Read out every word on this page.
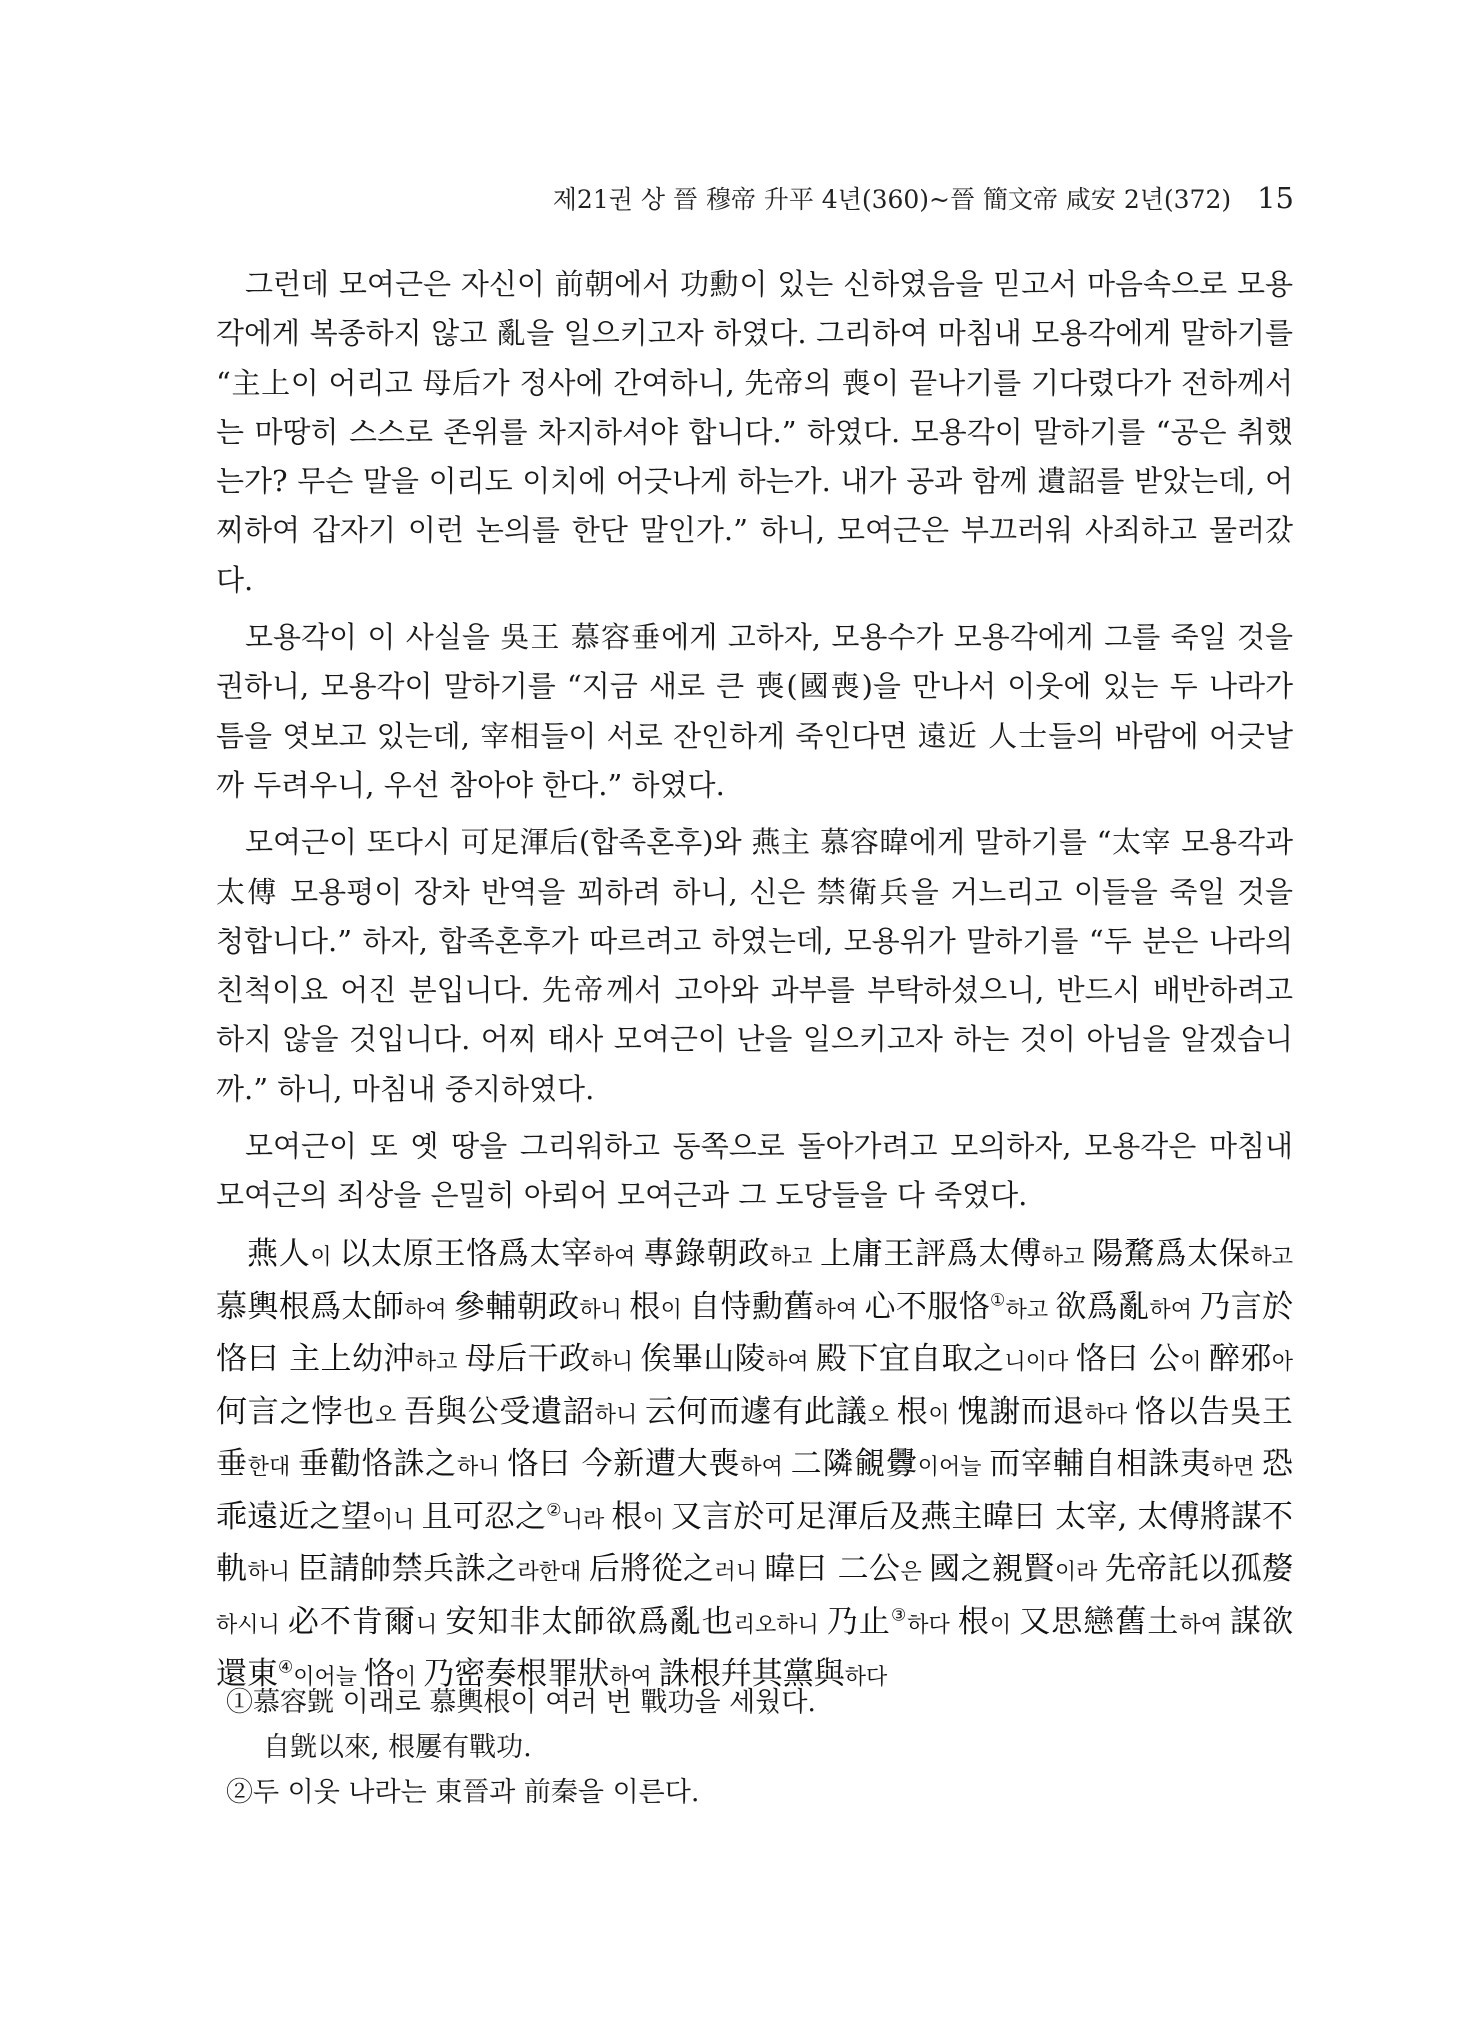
제21권 상 晉 穆帝 升平 4년(360)~晉 簡文帝 咸安 2년(372) 15

그런데 모여근은 자신이 前朝에서 功勳이 있는 신하였음을 믿고서 마음속으로 모용각에게 복종하지 않고 亂을 일으키고자 하였다. 그리하여 마침내 모용각에게 말하기를 “主上이 어리고 母后가 정사에 간여하니, 先帝의 喪이 끝나기를 기다렸다가 전하께서는 마땅히 스스로 존위를 차지하셔야 합니다.” 하였다. 모용각이 말하기를 “공은 취했는가? 무슨 말을 이리도 이치에 어긋나게 하는가. 내가 공과 함께 遺詔를 받았는데, 어찌하여 갑자기 이런 논의를 한단 말인가.” 하니, 모여근은 부끄러워 사죄하고 물러갔다.

모용각이 이 사실을 吳王 慕容垂에게 고하자, 모용수가 모용각에게 그를 죽일 것을 권하니, 모용각이 말하기를 “지금 새로 큰 喪(國喪)을 만나서 이웃에 있는 두 나라가 틈을 엿보고 있는데, 宰相들이 서로 잔인하게 죽인다면 遠近 人士들의 바람에 어긋날까 두려우니, 우선 참아야 한다.” 하였다.

모여근이 또다시 可足渾后(합족혼후)와 燕主 慕容暐에게 말하기를 “太宰 모용각과 太傅 모용평이 장차 반역을 꾀하려 하니, 신은 禁衛兵을 거느리고 이들을 죽일 것을 청합니다.” 하자, 합족혼후가 따르려고 하였는데, 모용위가 말하기를 “두 분은 나라의 친척이요 어진 분입니다. 先帝께서 고아와 과부를 부탁하셨으니, 반드시 배반하려고 하지 않을 것입니다. 어찌 태사 모여근이 난을 일으키고자 하는 것이 아님을 알겠습니까.” 하니, 마침내 중지하였다.

모여근이 또 옛 땅을 그리워하고 동쪽으로 돌아가려고 모의하자, 모용각은 마침내 모여근의 죄상을 은밀히 아뢰어 모여근과 그 도당들을 다 죽였다.

燕人이 以太原王恪爲太宰하여 專錄朝政하고 上庸王評爲太傅하고 陽騖爲太保하고 慕輿根爲太師하여 參輔朝政하니 根이 自恃勳舊하여 心不服恪①하고 欲爲亂하여 乃言於恪曰 主上幼沖하고 母后干政하니 俟畢山陵하여 殿下宜自取之니이다 恪曰 公이 醉邪아 何言之悖也오 吾與公受遺詔하니 云何而遽有此議오 根이 愧謝而退하다 恪以告吳王垂한대 垂勸恪誅之하니 恪曰 今新遭大喪하여 二隣覦釁이어늘 而宰輔自相誅夷하면 恐乖遠近之望이니 且可忍之②니라 根이 又言於可足渾后及燕主暐曰 太宰, 太傅將謀不軌하니 臣請帥禁兵誅之라한대 后將從之러니 暐曰 二公은 國之親賢이라 先帝託以孤嫠하시니 必不肯爾니 安知非太師欲爲亂也리오하니 乃止③하다 根이 又思戀舊土하여 謀欲還東④이어늘 恪이 乃密奏根罪狀하여 誅根幷其黨與하다

①慕容皝 이래로 慕輿根이 여러 번 戰功을 세웠다.

自皝以來, 根屢有戰功.

②두 이웃 나라는 東晉과 前秦을 이른다.
